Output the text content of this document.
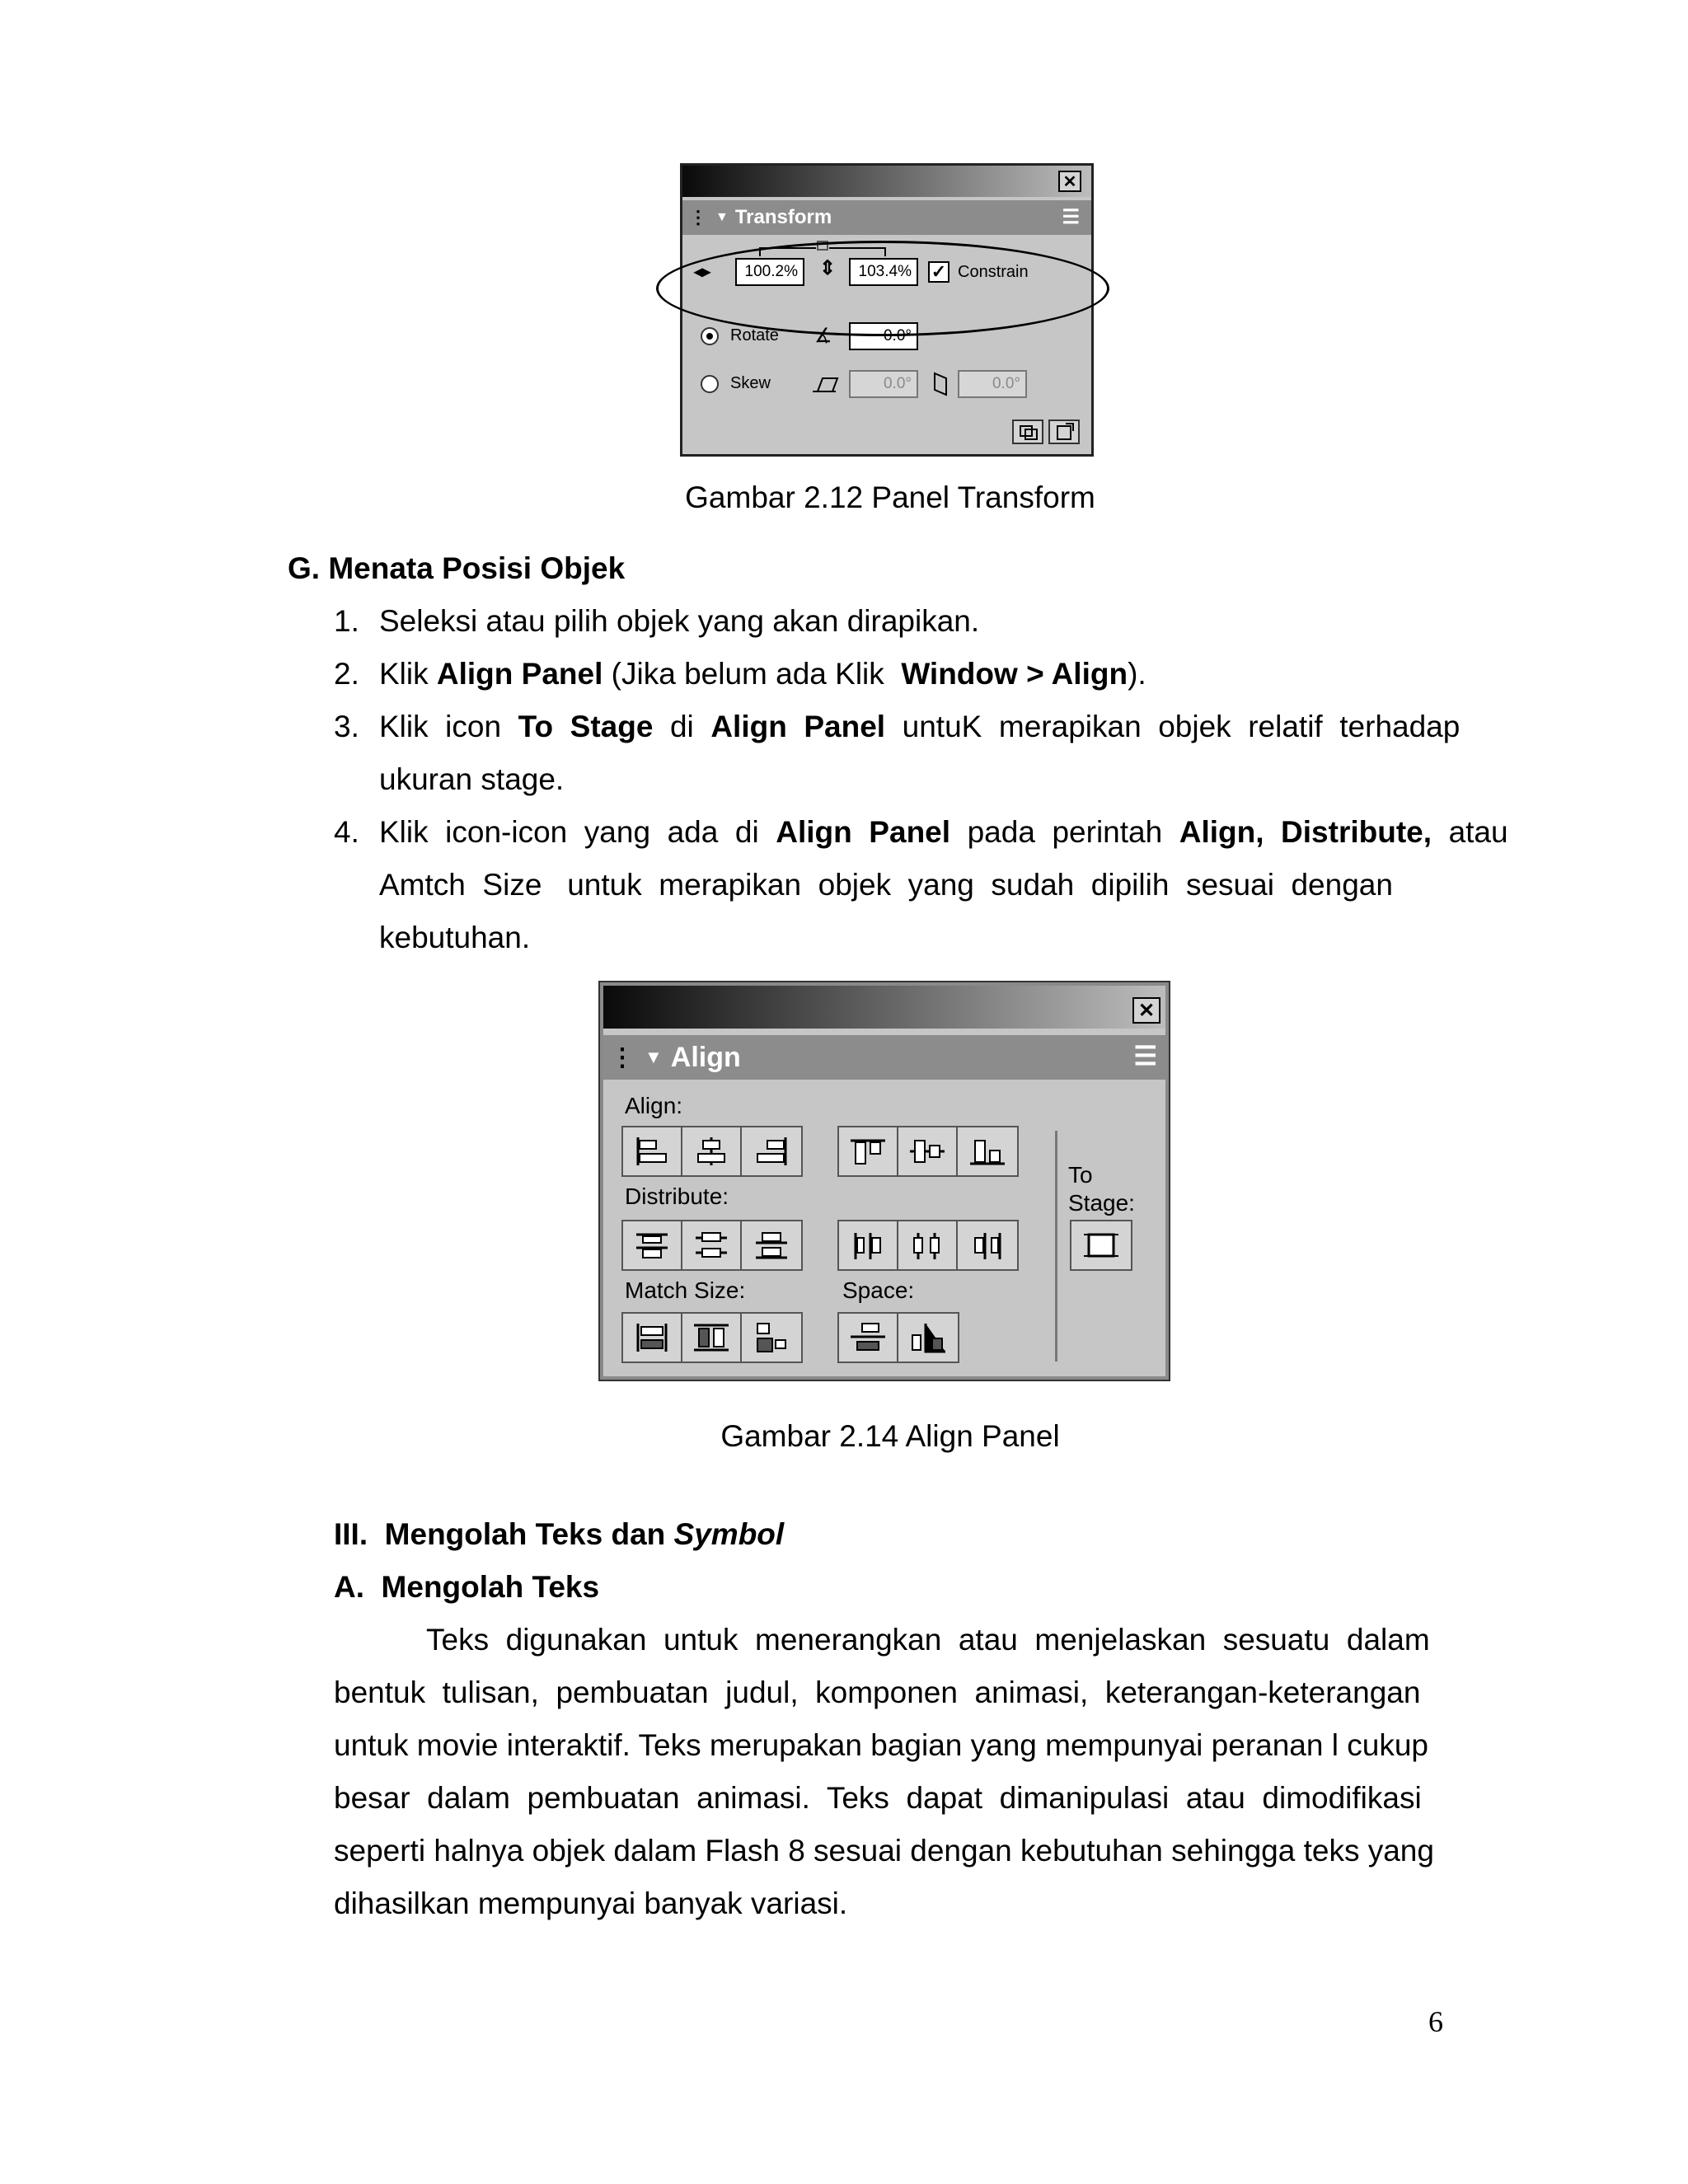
✕
⋮ ▼ Transform	☰
◂▸	100.2%	⇕	103.4%	✓ Constrain
Rotate ∡	0.0°
Skew	0.0°	0.0°
Gambar 2.12 Panel Transform
G. Menata Posisi Objek
1. Seleksi atau pilih objek yang akan dirapikan.
2. Klik Align Panel (Jika belum ada Klik  Window > Align).
3. Klik  icon  To  Stage  di  Align  Panel  untuK  merapikan  objek  relatif  terhadap
ukuran stage.
4. Klik  icon-icon  yang  ada  di  Align  Panel  pada  perintah  Align,  Distribute,  atau
Amtch  Size   untuk  merapikan  objek  yang  sudah  dipilih  sesuai  dengan
kebutuhan.
✕
⋮ ▼ Align	☰
Align:
Distribute:
Match Size:	Space:
To
Stage:
Gambar 2.14 Align Panel
III.  Mengolah Teks dan Symbol
A.  Mengolah Teks
Teks  digunakan  untuk  menerangkan  atau  menjelaskan  sesuatu  dalam
bentuk  tulisan,  pembuatan  judul,  komponen  animasi,  keterangan-keterangan
untuk movie interaktif. Teks merupakan bagian yang mempunyai peranan l cukup
besar  dalam  pembuatan  animasi.  Teks  dapat  dimanipulasi  atau  dimodifikasi
seperti halnya objek dalam Flash 8 sesuai dengan kebutuhan sehingga teks yang
dihasilkan mempunyai banyak variasi.
6
